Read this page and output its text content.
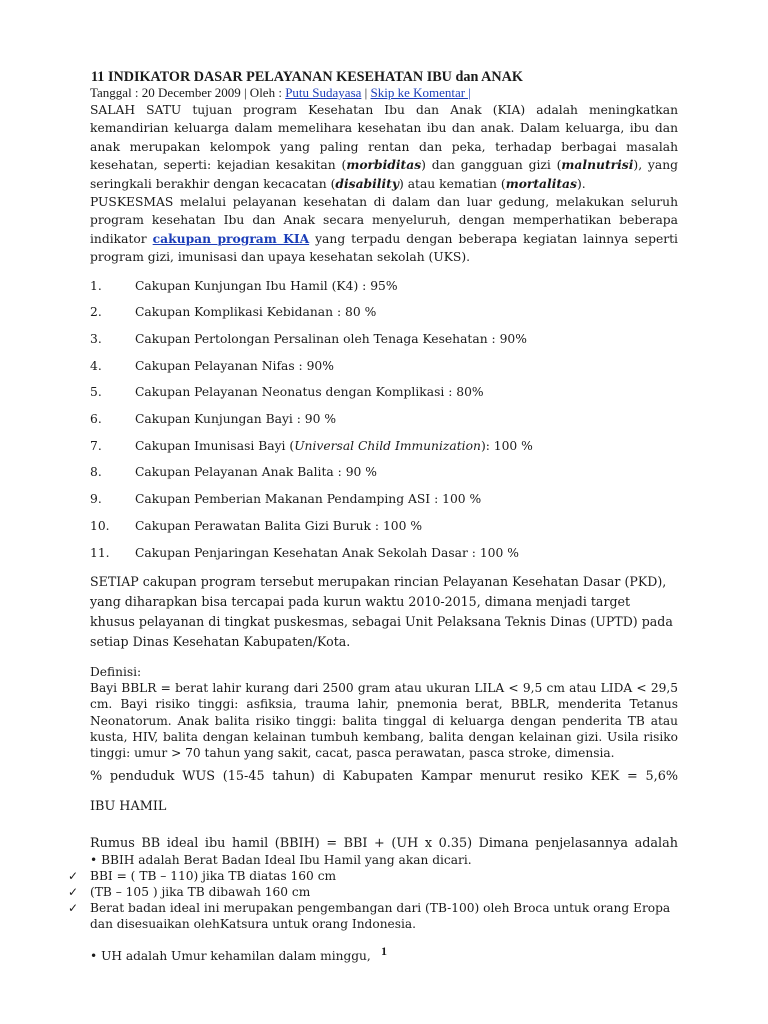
11 INDIKATOR DASAR PELAYANAN KESEHATAN IBU dan ANAK
Tanggal : 20 December 2009 | Oleh : Putu Sudayasa | Skip ke Komentar |

SALAH SATU tujuan program Kesehatan Ibu dan Anak (KIA) adalah meningkatkan kemandirian keluarga dalam memelihara kesehatan ibu dan anak. Dalam keluarga, ibu dan anak merupakan kelompok yang paling rentan dan peka, terhadap berbagai masalah kesehatan, seperti: kejadian kesakitan (morbiditas) dan gangguan gizi (malnutrisi), yang seringkali berakhir dengan kecacatan (disability) atau kematian (mortalitas).

PUSKESMAS melalui pelayanan kesehatan di dalam dan luar gedung, melakukan seluruh program kesehatan Ibu dan Anak secara menyeluruh, dengan memperhatikan beberapa indikator cakupan program KIA yang terpadu dengan beberapa kegiatan lainnya seperti program gizi, imunisasi dan upaya kesehatan sekolah (UKS).

1.	Cakupan Kunjungan Ibu Hamil (K4) : 95%
2.	Cakupan Komplikasi Kebidanan : 80 %
3.	Cakupan Pertolongan Persalinan oleh Tenaga Kesehatan : 90%
4.	Cakupan Pelayanan Nifas : 90%
5.	Cakupan Pelayanan Neonatus dengan Komplikasi : 80%
6.	Cakupan Kunjungan Bayi : 90 %
7.	Cakupan Imunisasi Bayi (Universal Child Immunization): 100 %
8.	Cakupan Pelayanan Anak Balita : 90 %
9.	Cakupan Pemberian Makanan Pendamping ASI : 100 %
10. Cakupan Perawatan Balita Gizi Buruk : 100 %
11. Cakupan Penjaringan Kesehatan Anak Sekolah Dasar : 100 %

SETIAP cakupan program tersebut merupakan rincian Pelayanan Kesehatan Dasar (PKD), yang diharapkan bisa tercapai pada kurun waktu 2010-2015, dimana menjadi target khusus pelayanan di tingkat puskesmas, sebagai Unit Pelaksana Teknis Dinas (UPTD) pada setiap Dinas Kesehatan Kabupaten/Kota.

Definisi:

Bayi BBLR = berat lahir kurang dari 2500 gram atau ukuran LILA < 9,5 cm atau LIDA < 29,5 cm. Bayi risiko tinggi: asfiksia, trauma lahir, pnemonia berat, BBLR, menderita Tetanus Neonatorum. Anak balita risiko tinggi: balita tinggal di keluarga dengan penderita TB atau kusta, HIV, balita dengan kelainan tumbuh kembang, balita dengan kelainan gizi. Usila risiko tinggi: umur > 70 tahun yang sakit, cacat, pasca perawatan, pasca stroke, dimensia.

% penduduk WUS (15-45 tahun) di Kabupaten Kampar menurut resiko KEK = 5,6%

IBU HAMIL

Rumus BB ideal ibu hamil (BBIH) = BBI + (UH x 0.35) Dimana penjelasannya adalah

• BBIH adalah Berat Badan Ideal Ibu Hamil yang akan dicari.
✓ BBI = ( TB – 110) jika TB diatas 160 cm
✓ (TB – 105 ) jika TB dibawah 160 cm
✓ Berat badan ideal ini merupakan pengembangan dari (TB-100) oleh Broca untuk orang Eropa dan disesuaikan olehKatsura untuk orang Indonesia.
• UH adalah Umur kehamilan dalam minggu, 1
